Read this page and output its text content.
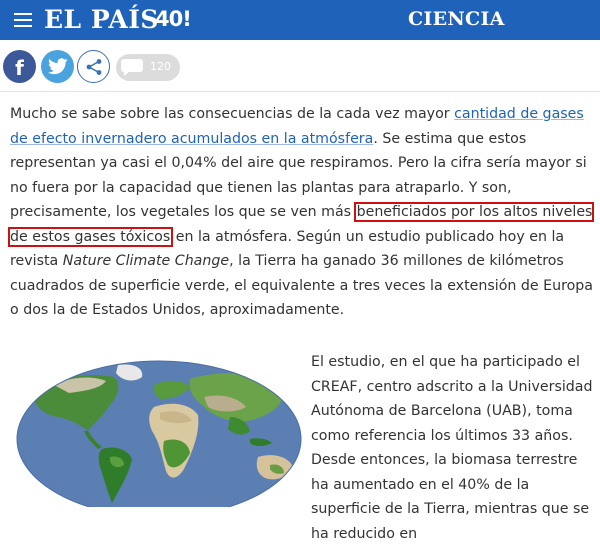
EL PAÍS
40!	CIENCIA
f	120
Mucho se sabe sobre las consecuencias de la cada vez mayor cantidad de gases de efecto invernadero acumulados en la atmósfera. Se estima que estos representan ya casi el 0,04% del aire que respiramos. Pero la cifra sería mayor si no fuera por la capacidad que tienen las plantas para atraparlo. Y son, precisamente, los vegetales los que se ven más beneficiados por los altos niveles de estos gases tóxicos en la atmósfera. Según un estudio publicado hoy en la revista Nature Climate Change, la Tierra ha ganado 36 millones de kilómetros cuadrados de superficie verde, el equivalente a tres veces la extensión de Europa o dos la de Estados Unidos, aproximadamente.
El estudio, en el que ha participado el CREAF, centro adscrito a la Universidad Autónoma de Barcelona (UAB), toma como referencia los últimos 33 años. Desde entonces, la biomasa terrestre ha aumentado en el 40% de la superficie de la Tierra, mientras que se ha reducido en
